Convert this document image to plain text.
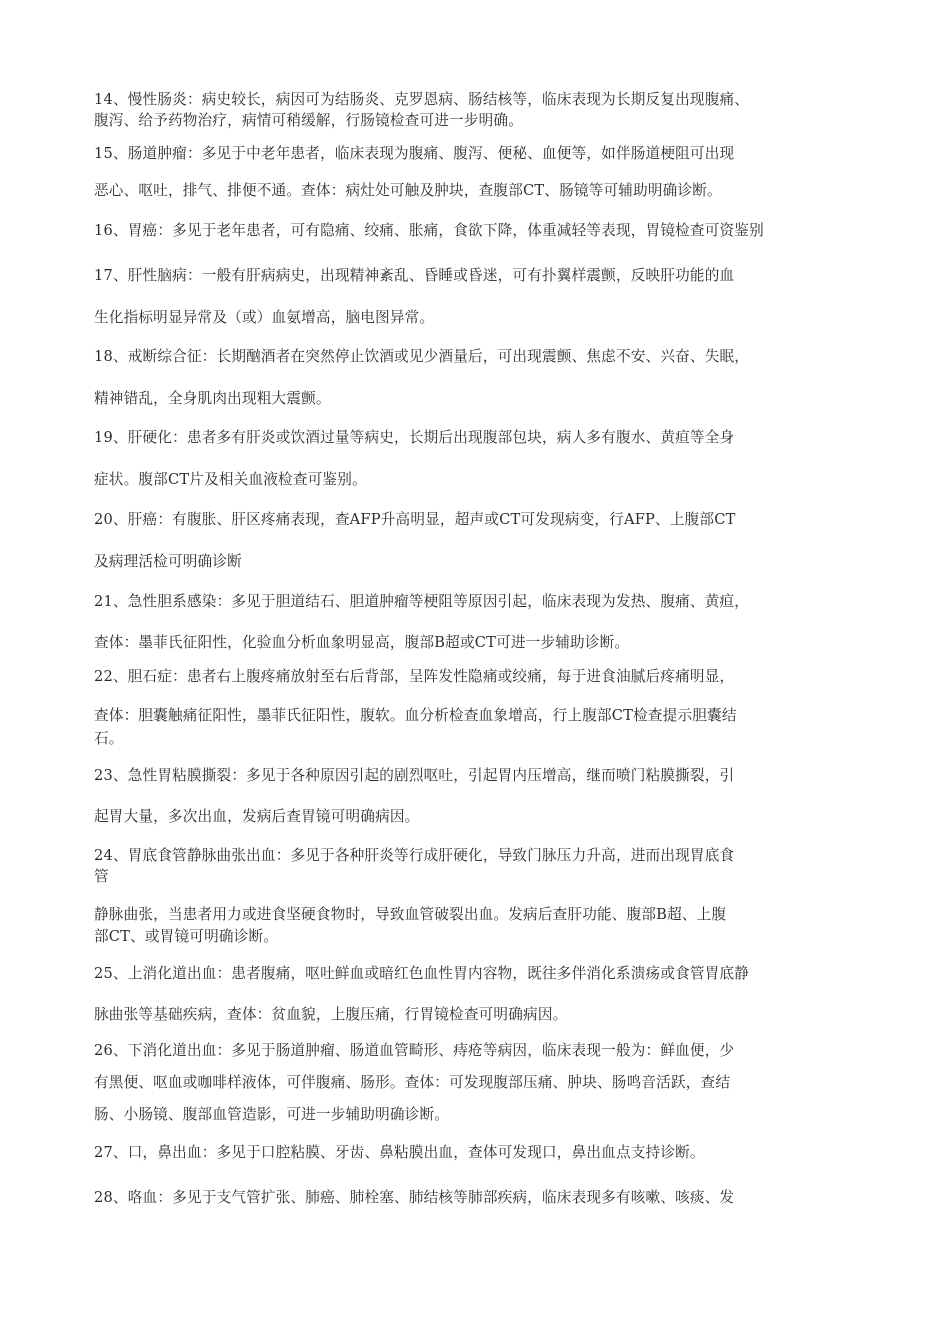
14、慢性肠炎：病史较长，病因可为结肠炎、克罗恩病、肠结核等，临床表现为长期反复出现腹痛、
腹泻、给予药物治疗，病情可稍缓解，行肠镜检查可进一步明确。
15、肠道肿瘤：多见于中老年患者，临床表现为腹痛、腹泻、便秘、血便等，如伴肠道梗阻可出现
恶心、呕吐，排气、排便不通。查体：病灶处可触及肿块，查腹部CT、肠镜等可辅助明确诊断。
16、胃癌：多见于老年患者，可有隐痛、绞痛、胀痛，食欲下降，体重减轻等表现，胃镜检查可资鉴别
17、肝性脑病：一般有肝病病史，出现精神紊乱、昏睡或昏迷，可有扑翼样震颤，反映肝功能的血
生化指标明显异常及（或）血氨增高，脑电图异常。
18、戒断综合征：长期酗酒者在突然停止饮酒或见少酒量后，可出现震颤、焦虑不安、兴奋、失眠，
精神错乱，全身肌肉出现粗大震颤。
19、肝硬化：患者多有肝炎或饮酒过量等病史，长期后出现腹部包块，病人多有腹水、黄疸等全身
症状。腹部CT片及相关血液检查可鉴别。
20、肝癌：有腹胀、肝区疼痛表现，查AFP升高明显，超声或CT可发现病变，行AFP、上腹部CT
及病理活检可明确诊断
21、急性胆系感染：多见于胆道结石、胆道肿瘤等梗阻等原因引起，临床表现为发热、腹痛、黄疸，
查体：墨菲氏征阳性，化验血分析血象明显高，腹部B超或CT可进一步辅助诊断。
22、胆石症：患者右上腹疼痛放射至右后背部，呈阵发性隐痛或绞痛，每于进食油腻后疼痛明显，
查体：胆囊触痛征阳性，墨菲氏征阳性，腹软。血分析检查血象增高，行上腹部CT检查提示胆囊结
石。
23、急性胃粘膜撕裂：多见于各种原因引起的剧烈呕吐，引起胃内压增高，继而喷门粘膜撕裂，引
起胃大量，多次出血，发病后查胃镜可明确病因。
24、胃底食管静脉曲张出血：多见于各种肝炎等行成肝硬化，导致门脉压力升高，进而出现胃底食
管
静脉曲张，当患者用力或进食坚硬食物时，导致血管破裂出血。发病后查肝功能、腹部B超、上腹
部CT、或胃镜可明确诊断。
25、上消化道出血：患者腹痛，呕吐鲜血或暗红色血性胃内容物，既往多伴消化系溃疡或食管胃底静
脉曲张等基础疾病，查体：贫血貌，上腹压痛，行胃镜检查可明确病因。
26、下消化道出血：多见于肠道肿瘤、肠道血管畸形、痔疮等病因，临床表现一般为：鲜血便，少
有黑便、呕血或咖啡样液体，可伴腹痛、肠形。查体：可发现腹部压痛、肿块、肠鸣音活跃，查结
肠、小肠镜、腹部血管造影，可进一步辅助明确诊断。
27、口，鼻出血：多见于口腔粘膜、牙齿、鼻粘膜出血，查体可发现口，鼻出血点支持诊断。
28、咯血：多见于支气管扩张、肺癌、肺栓塞、肺结核等肺部疾病，临床表现多有咳嗽、咳痰、发
